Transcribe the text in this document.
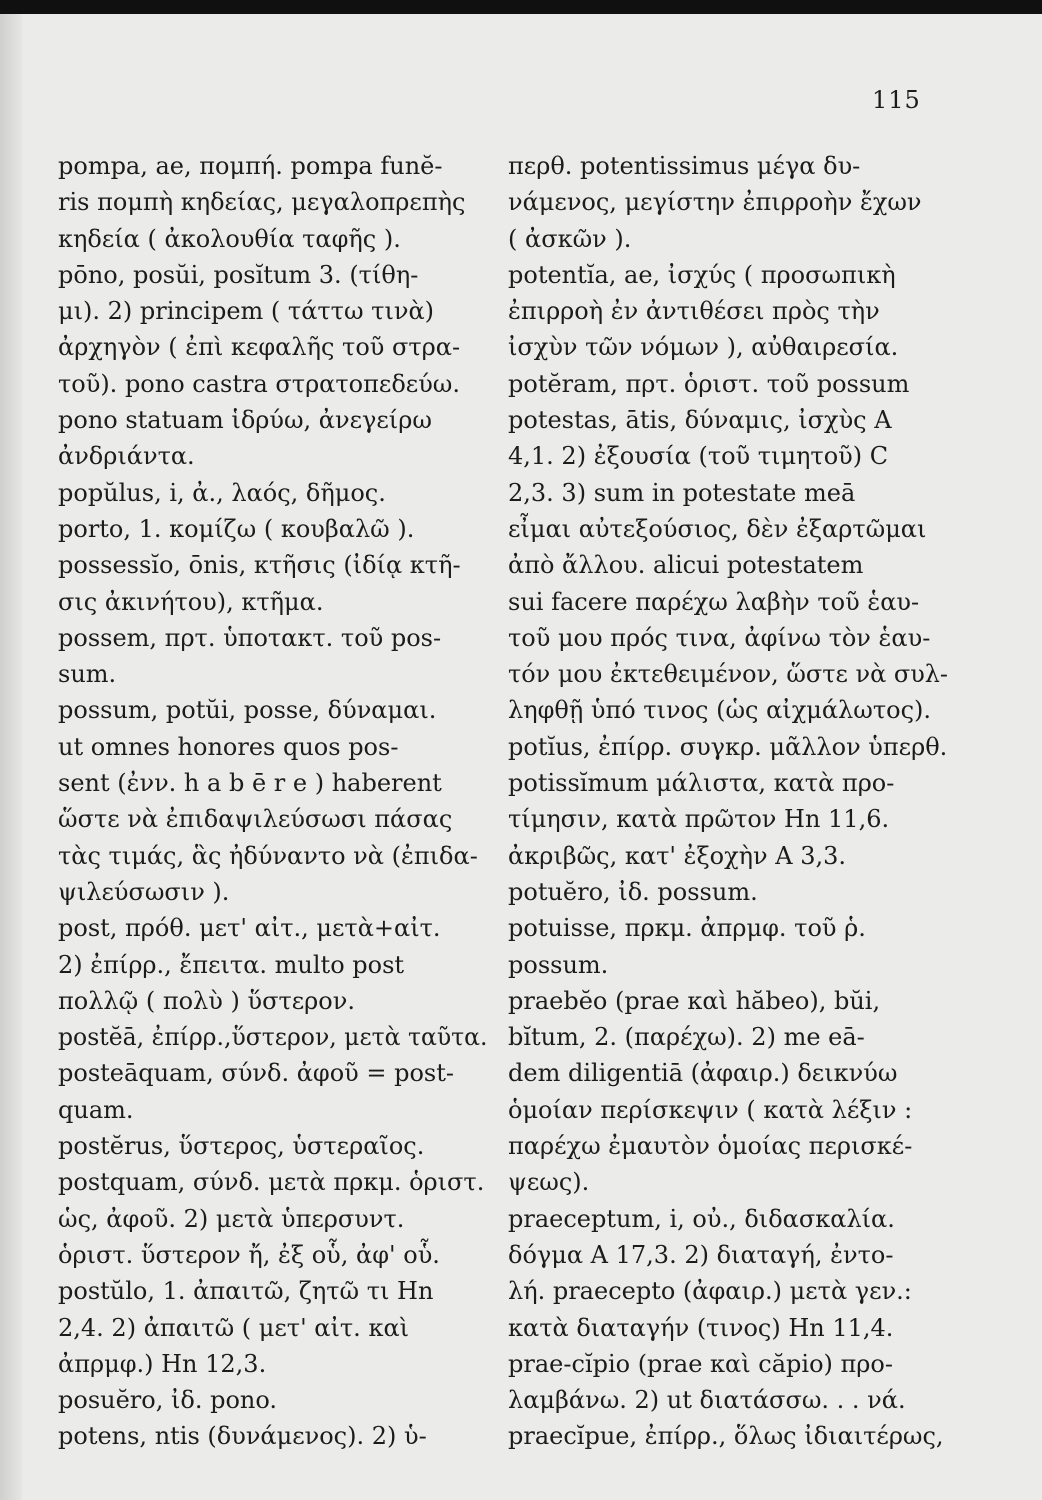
115
pompa, ae, πομπή. pompa funĕ-
ris πομπὴ κηδείας, μεγαλοπρεπὴς
κηδεία ( ἀκολουθία ταφῆς ).
pōno, posŭi, posĭtum 3. (τίθη-
μι). 2) principem ( τάττω τινὰ)
ἀρχηγὸν ( ἐπὶ κεφαλῆς τοῦ στρα-
τοῦ). pono castra στρατοπεδεύω.
pono statuam ἱδρύω, ἀνεγείρω
ἀνδριάντα.
popŭlus, i, ἀ., λαός, δῆμος.
porto, 1. κομίζω ( κουβαλῶ ).
possessĭo, ōnis, κτῆσις (ἰδίᾳ κτῆ-
σις ἀκινήτου), κτῆμα.
possem, πρτ. ὑποτακτ. τοῦ pos-
sum.
possum, potŭi, posse, δύναμαι.
ut omnes honores quos pos-
sent (ἐνν. h a b ē r e ) haberent
ὥστε νὰ ἐπιδαψιλεύσωσι πάσας
τὰς τιμάς, ἃς ἠδύναντο νὰ (ἐπιδα-
ψιλεύσωσιν ).
post, πρόθ. μετ' αἰτ., μετὰ+αἰτ.
2) ἐπίρρ., ἔπειτα. multo post
πολλῷ ( πολὺ ) ὕστερον.
postĕā, ἐπίρρ.,ὕστερον, μετὰ ταῦτα.
posteāquam, σύνδ. ἀφοῦ = post-
quam.
postĕrus, ὕστερος, ὑστεραῖος.
postquam, σύνδ. μετὰ πρκμ. ὁριστ.
ὡς, ἀφοῦ. 2) μετὰ ὑπερσυντ.
ὁριστ. ὕστερον ἤ, ἐξ οὗ, ἀφ' οὗ.
postŭlo, 1. ἀπαιτῶ, ζητῶ τι Hn
2,4. 2) ἀπαιτῶ ( μετ' αἰτ. καὶ
ἀπρμφ.) Hn 12,3.
posuĕro, ἰδ. pono.
potens, ntis (δυνάμενος). 2) ὑ-
περθ. potentissimus μέγα δυ-
νάμενος, μεγίστην ἐπιρροὴν ἔχων
( ἀσκῶν ).
potentĭa, ae, ἰσχύς ( προσωπικὴ
ἐπιρροὴ ἐν ἀντιθέσει πρὸς τὴν
ἰσχὺν τῶν νόμων ), αὐθαιρεσία.
potĕram, πρτ. ὁριστ. τοῦ possum
potestas, ātis, δύναμις, ἰσχὺς A
4,1. 2) ἐξουσία (τοῦ τιμητοῦ) C
2,3. 3) sum in potestate meā
εἶμαι αὐτεξούσιος, δὲν ἐξαρτῶμαι
ἀπὸ ἄλλου. alicui potestatem
sui facere παρέχω λαβὴν τοῦ ἑαυ-
τοῦ μου πρός τινα, ἀφίνω τὸν ἑαυ-
τόν μου ἐκτεθειμένον, ὥστε νὰ συλ-
ληφθῇ ὑπό τινος (ὡς αἰχμάλωτος).
potĭus, ἐπίρρ. συγκρ. μᾶλλον ὑπερθ.
potissĭmum μάλιστα, κατὰ προ-
τίμησιν, κατὰ πρῶτον Hn 11,6.
ἀκριβῶς, κατ' ἐξοχὴν A 3,3.
potuĕro, ἰδ. possum.
potuisse, πρκμ. ἀπρμφ. τοῦ ῥ.
possum.
praebĕo (prae καὶ hăbeo), bŭi,
bĭtum, 2. (παρέχω). 2) me eā-
dem diligentiā (ἀφαιρ.) δεικνύω
ὁμοίαν περίσκεψιν ( κατὰ λέξιν :
παρέχω ἐμαυτὸν ὁμοίας περισκέ-
ψεως).
praeceptum, i, οὐ., διδασκαλία.
δόγμα A 17,3. 2) διαταγή, ἐντο-
λή. praecepto (ἀφαιρ.) μετὰ γεν.:
κατὰ διαταγήν (τινος) Hn 11,4.
prae-cĭpio (prae καὶ căpio) προ-
λαμβάνω. 2) ut διατάσσω. . . νά.
praecĭpue, ἐπίρρ., ὅλως ἰδιαιτέρως,
